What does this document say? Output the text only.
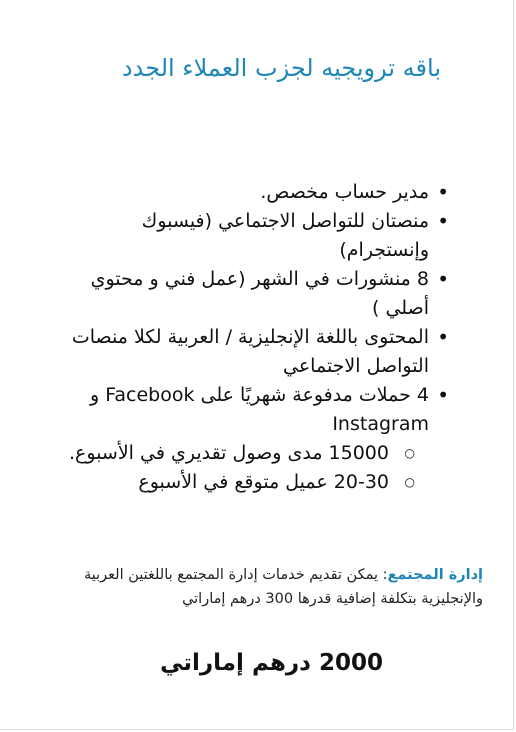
باقه ترويجيه لجزب العملاء الجدد
• مدير حساب مخصص.
• منصتان للتواصل الاجتماعي (فيسبوك وإنستجرام)
• 8 منشورات في الشهر (عمل فني و محتوي أصلي )
• المحتوى باللغة الإنجليزية / العربية لكلا منصات التواصل الاجتماعي
• 4 حملات مدفوعة شهريًا على Facebook و Instagram
○ 15000 مدى وصول تقديري في الأسبوع.
○ 20-30 عميل متوقع في الأسبوع
إدارة المجتمع: يمكن تقديم خدمات إدارة المجتمع باللغتين العربية والإنجليزية بتكلفة إضافية قدرها 300 درهم إماراتي
2000 درهم إماراتي
